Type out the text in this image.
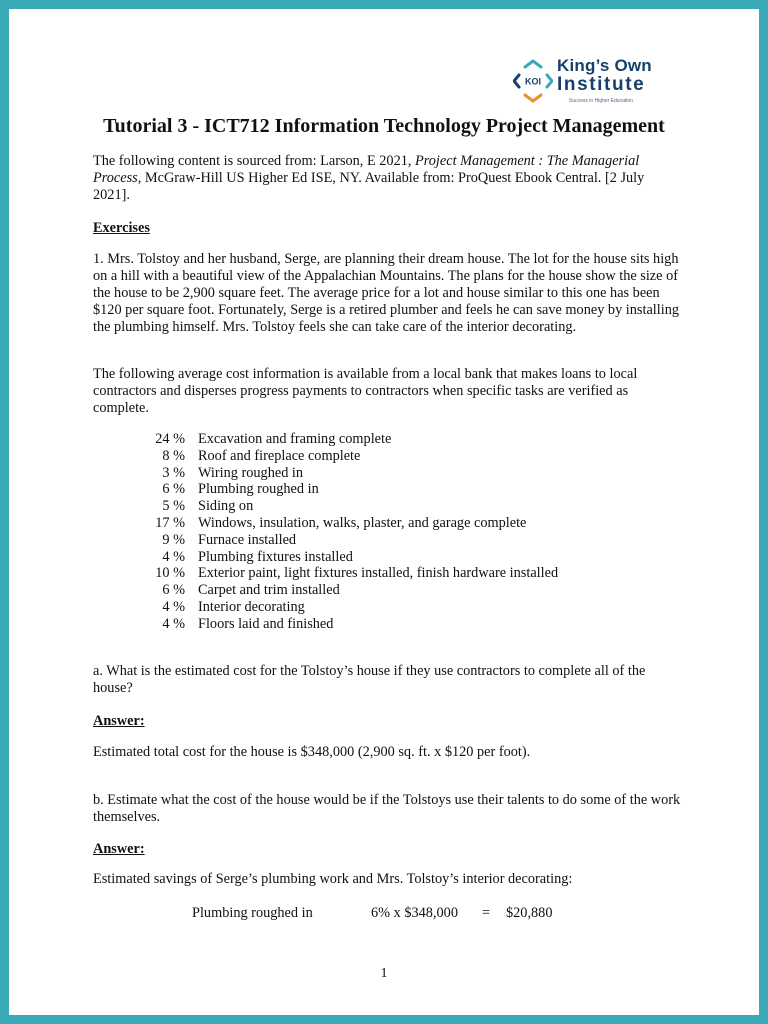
KOI
King’s Own
Institute
Success in Higher Education
Tutorial 3 - ICT712 Information Technology Project Management

The following content is sourced from: Larson, E 2021, Project Management : The Managerial Process, McGraw-Hill US Higher Ed ISE, NY. Available from: ProQuest Ebook Central. [2 July 2021].

Exercises

1. Mrs. Tolstoy and her husband, Serge, are planning their dream house. The lot for the house sits high on a hill with a beautiful view of the Appalachian Mountains. The plans for the house show the size of the house to be 2,900 square feet. The average price for a lot and house similar to this one has been $120 per square foot. Fortunately, Serge is a retired plumber and feels he can save money by installing the plumbing himself. Mrs. Tolstoy feels she can take care of the interior decorating.

The following average cost information is available from a local bank that makes loans to local contractors and disperses progress payments to contractors when specific tasks are verified as complete.

24 % Excavation and framing complete
8 % Roof and fireplace complete
3 % Wiring roughed in
6 % Plumbing roughed in
5 % Siding on
17 % Windows, insulation, walks, plaster, and garage complete
9 % Furnace installed
4 % Plumbing fixtures installed
10 % Exterior paint, light fixtures installed, finish hardware installed
6 % Carpet and trim installed
4 % Interior decorating
4 % Floors laid and finished

a. What is the estimated cost for the Tolstoy’s house if they use contractors to complete all of the house?

Answer:

Estimated total cost for the house is $348,000 (2,900 sq. ft. x $120 per foot).

b. Estimate what the cost of the house would be if the Tolstoys use their talents to do some of the work themselves.

Answer:

Estimated savings of Serge’s plumbing work and Mrs. Tolstoy’s interior decorating:

Plumbing roughed in	6% x $348,000 = $20,880
1
